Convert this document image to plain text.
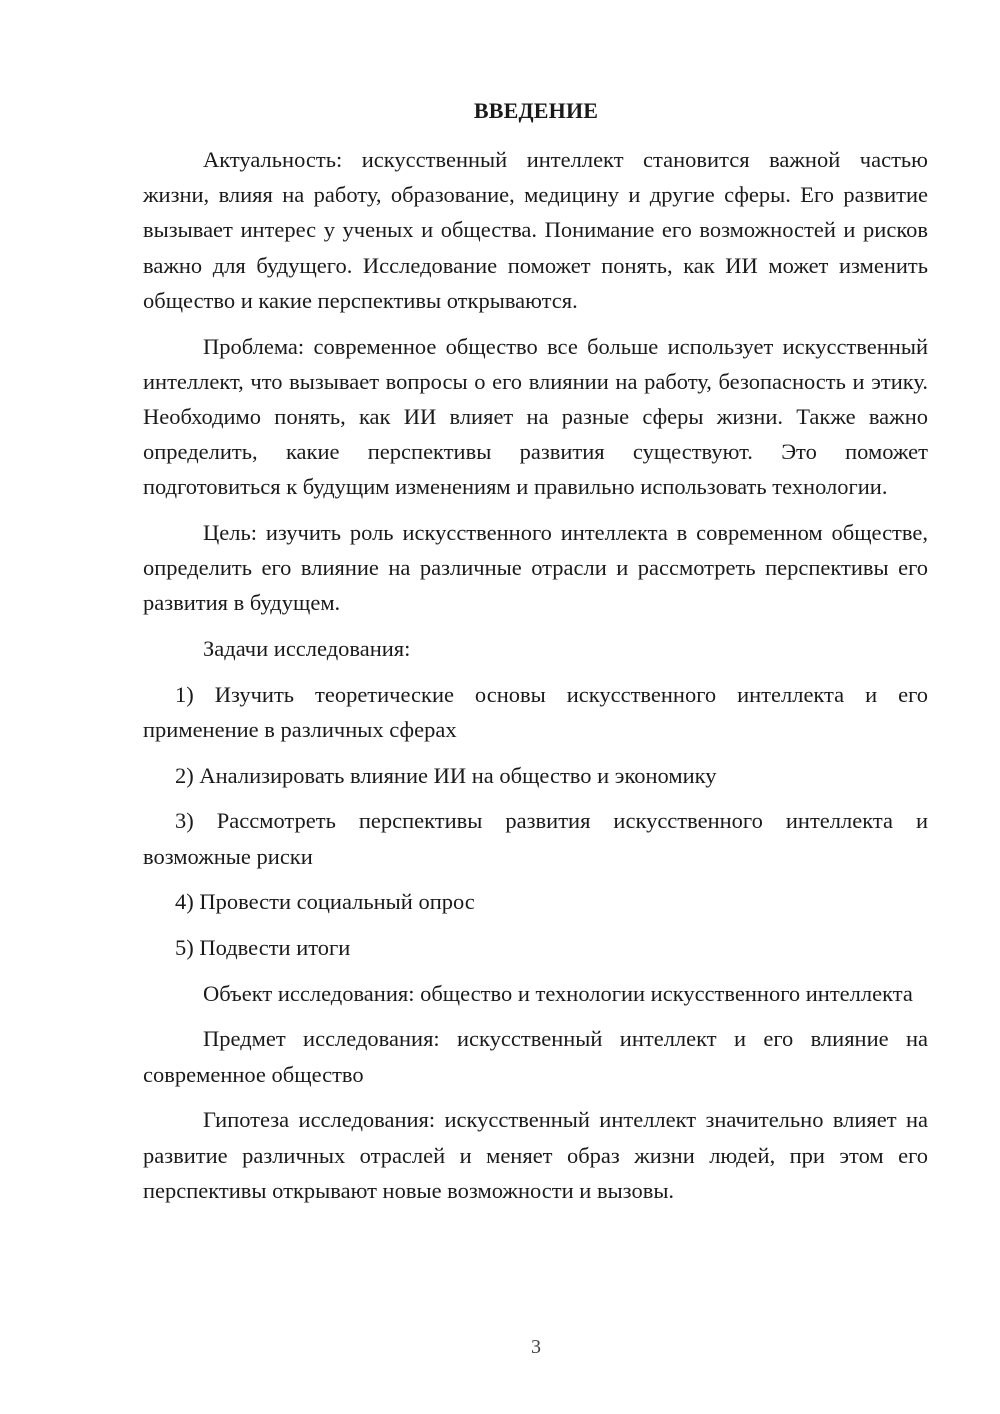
ВВЕДЕНИЕ

Актуальность: искусственный интеллект становится важной частью жизни, влияя на работу, образование, медицину и другие сферы. Его развитие вызывает интерес у ученых и общества. Понимание его возможностей и рисков важно для будущего. Исследование поможет понять, как ИИ может изменить общество и какие перспективы открываются.

Проблема: современное общество все больше использует искусственный интеллект, что вызывает вопросы о его влиянии на работу, безопасность и этику. Необходимо понять, как ИИ влияет на разные сферы жизни. Также важно определить, какие перспективы развития существуют. Это поможет подготовиться к будущим изменениям и правильно использовать технологии.

Цель: изучить роль искусственного интеллекта в современном обществе, определить его влияние на различные отрасли и рассмотреть перспективы его развития в будущем.

Задачи исследования:

1) Изучить теоретические основы искусственного интеллекта и его применение в различных сферах

2) Анализировать влияние ИИ на общество и экономику

3) Рассмотреть перспективы развития искусственного интеллекта и возможные риски

4) Провести социальный опрос

5) Подвести итоги

Объект исследования: общество и технологии искусственного интеллекта

Предмет исследования: искусственный интеллект и его влияние на современное общество

Гипотеза исследования: искусственный интеллект значительно влияет на развитие различных отраслей и меняет образ жизни людей, при этом его перспективы открывают новые возможности и вызовы.

3
